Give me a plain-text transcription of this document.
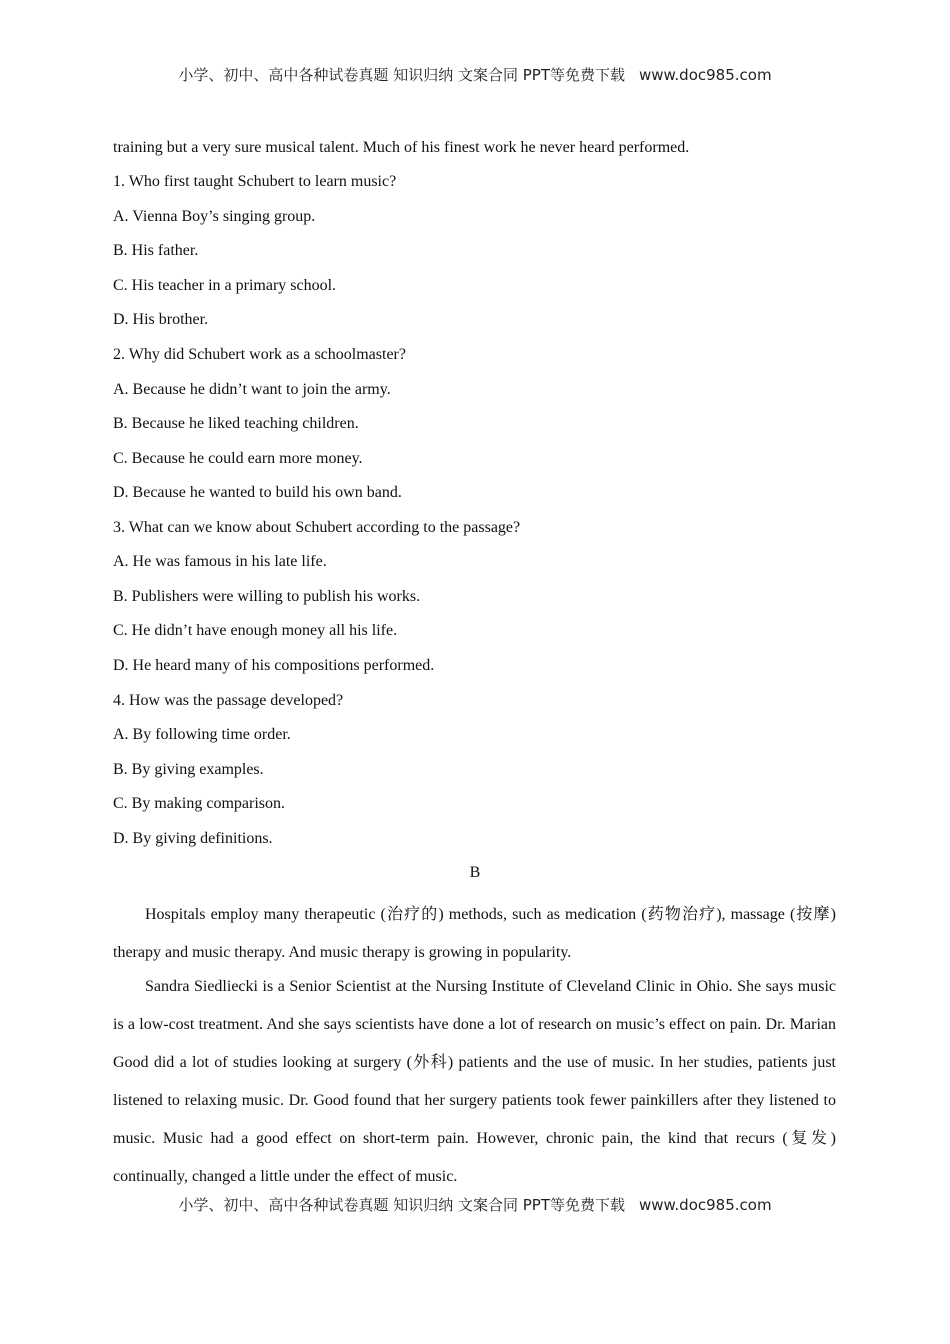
小学、初中、高中各种试卷真题 知识归纳 文案合同 PPT等免费下载 www.doc985.com
training but a very sure musical talent. Much of his finest work he never heard performed.
1. Who first taught Schubert to learn music?
A. Vienna Boy’s singing group.
B. His father.
C. His teacher in a primary school.
D. His brother.
2. Why did Schubert work as a schoolmaster?
A. Because he didn’t want to join the army.
B. Because he liked teaching children.
C. Because he could earn more money.
D. Because he wanted to build his own band.
3. What can we know about Schubert according to the passage?
A. He was famous in his late life.
B. Publishers were willing to publish his works.
C. He didn’t have enough money all his life.
D. He heard many of his compositions performed.
4. How was the passage developed?
A. By following time order.
B. By giving examples.
C. By making comparison.
D. By giving definitions.
B
Hospitals employ many therapeutic (治疗的) methods, such as medication (药物治疗), massage (按摩) therapy and music therapy. And music therapy is growing in popularity.
Sandra Siedliecki is a Senior Scientist at the Nursing Institute of Cleveland Clinic in Ohio. She says music is a low-cost treatment. And she says scientists have done a lot of research on music’s effect on pain. Dr. Marian Good did a lot of studies looking at surgery (外科) patients and the use of music. In her studies, patients just listened to relaxing music. Dr. Good found that her surgery patients took fewer painkillers after they listened to music. Music had a good effect on short-term pain. However, chronic pain, the kind that recurs (复发) continually, changed a little under the effect of music.
小学、初中、高中各种试卷真题 知识归纳 文案合同 PPT等免费下载 www.doc985.com
